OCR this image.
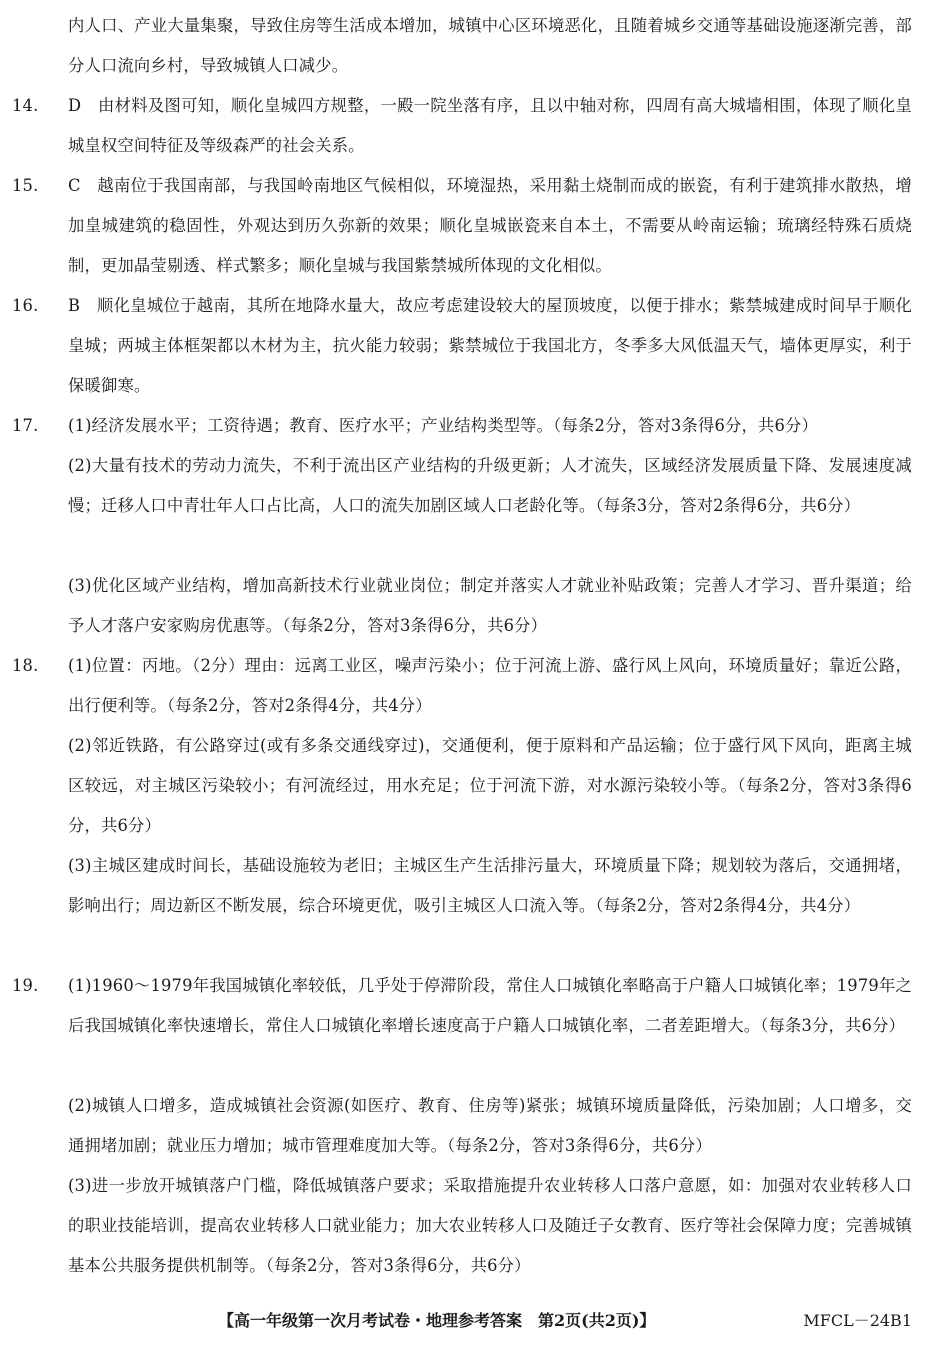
内人口、产业大量集聚，导致住房等生活成本增加，城镇中心区环境恶化，且随着城乡交通等基础设施逐渐完善，部分人口流向乡村，导致城镇人口减少。
14. D　由材料及图可知，顺化皇城四方规整，一殿一院坐落有序，且以中轴对称，四周有高大城墙相围，体现了顺化皇城皇权空间特征及等级森严的社会关系。
15. C　越南位于我国南部，与我国岭南地区气候相似，环境湿热，采用黏土烧制而成的嵌瓷，有利于建筑排水散热，增加皇城建筑的稳固性，外观达到历久弥新的效果；顺化皇城嵌瓷来自本土，不需要从岭南运输；琉璃经特殊石质烧制，更加晶莹剔透、样式繁多；顺化皇城与我国紫禁城所体现的文化相似。
16. B　顺化皇城位于越南，其所在地降水量大，故应考虑建设较大的屋顶坡度，以便于排水；紫禁城建成时间早于顺化皇城；两城主体框架都以木材为主，抗火能力较弱；紫禁城位于我国北方，冬季多大风低温天气，墙体更厚实，利于保暖御寒。
17. (1)经济发展水平；工资待遇；教育、医疗水平；产业结构类型等。（每条2分，答对3条得6分，共6分）
(2)大量有技术的劳动力流失，不利于流出区产业结构的升级更新；人才流失，区域经济发展质量下降、发展速度减慢；迁移人口中青壮年人口占比高，人口的流失加剧区域人口老龄化等。（每条3分，答对2条得6分，共6分）
(3)优化区域产业结构，增加高新技术行业就业岗位；制定并落实人才就业补贴政策；完善人才学习、晋升渠道；给予人才落户安家购房优惠等。（每条2分，答对3条得6分，共6分）
18. (1)位置：丙地。（2分）理由：远离工业区，噪声污染小；位于河流上游、盛行风上风向，环境质量好；靠近公路，出行便利等。（每条2分，答对2条得4分，共4分）
(2)邻近铁路，有公路穿过(或有多条交通线穿过)，交通便利，便于原料和产品运输；位于盛行风下风向，距离主城区较远，对主城区污染较小；有河流经过，用水充足；位于河流下游，对水源污染较小等。（每条2分，答对3条得6分，共6分）
(3)主城区建成时间长，基础设施较为老旧；主城区生产生活排污量大，环境质量下降；规划较为落后，交通拥堵，影响出行；周边新区不断发展，综合环境更优，吸引主城区人口流入等。（每条2分，答对2条得4分，共4分）
19. (1)1960～1979年我国城镇化率较低，几乎处于停滞阶段，常住人口城镇化率略高于户籍人口城镇化率；1979年之后我国城镇化率快速增长，常住人口城镇化率增长速度高于户籍人口城镇化率，二者差距增大。（每条3分，共6分）
(2)城镇人口增多，造成城镇社会资源(如医疗、教育、住房等)紧张；城镇环境质量降低，污染加剧；人口增多，交通拥堵加剧；就业压力增加；城市管理难度加大等。（每条2分，答对3条得6分，共6分）
(3)进一步放开城镇落户门槛，降低城镇落户要求；采取措施提升农业转移人口落户意愿，如：加强对农业转移人口的职业技能培训，提高农业转移人口就业能力；加大农业转移人口及随迁子女教育、医疗等社会保障力度；完善城镇基本公共服务提供机制等。（每条2分，答对3条得6分，共6分）
【高一年级第一次月考试卷・地理参考答案　第2页(共2页)】	MFCL－24B1
